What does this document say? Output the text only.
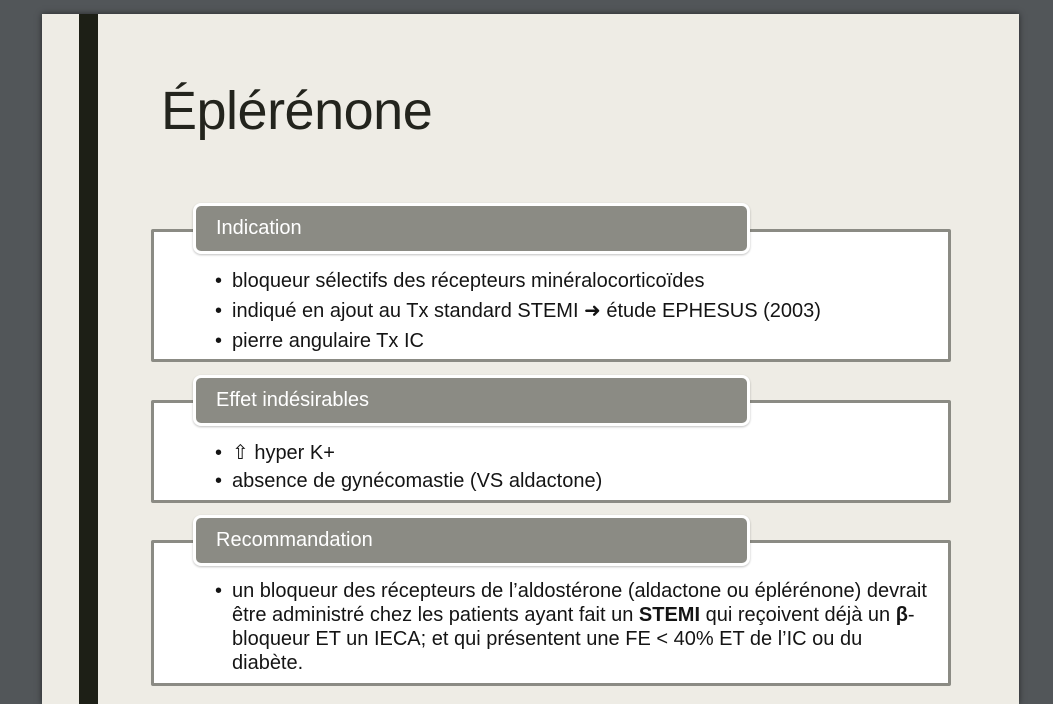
Éplérénone
• bloqueur sélectifs des récepteurs minéralocorticoïdes
• indiqué en ajout au Tx standard STEMI ➜ étude EPHESUS (2003)
• pierre angulaire Tx IC
Indication
• ⇧ hyper K+
• absence de gynécomastie (VS aldactone)
Effet indésirables
• un bloqueur des récepteurs de l’aldostérone (aldactone ou éplérénone) devrait être administré chez les patients ayant fait un STEMI qui reçoivent déjà un β-bloqueur ET un IECA; et qui présentent une FE < 40% ET de l’IC ou du diabète.
Recommandation
